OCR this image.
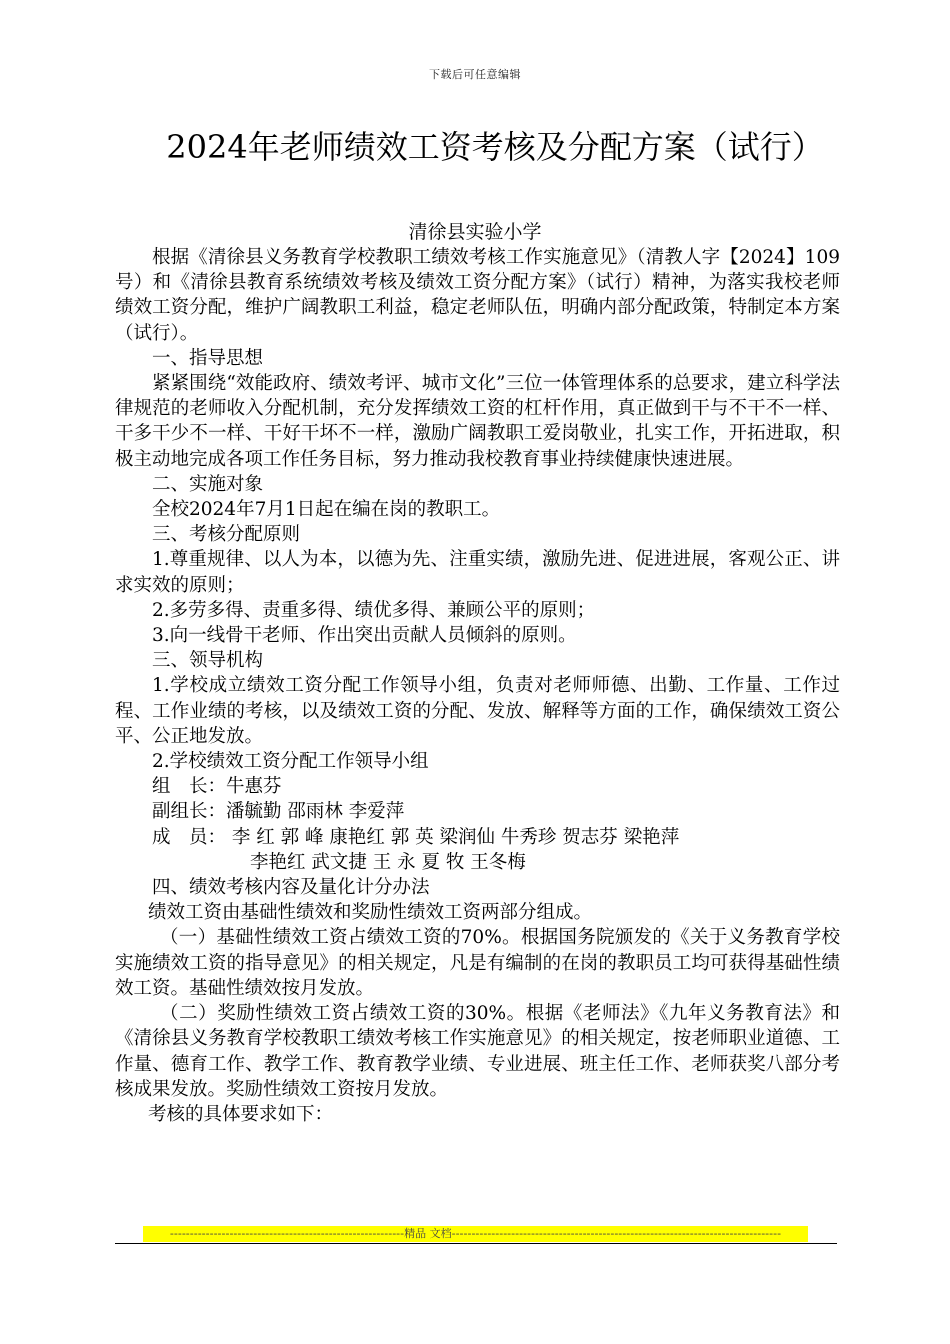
下载后可任意编辑
2024年老师绩效工资考核及分配方案（试行）
清徐县实验小学

根据《清徐县义务教育学校教职工绩效考核工作实施意见》（清教人字【2024】109号）和《清徐县教育系统绩效考核及绩效工资分配方案》（试行）精神，为落实我校老师绩效工资分配，维护广阔教职工利益，稳定老师队伍，明确内部分配政策，特制定本方案（试行）。

一、指导思想

紧紧围绕“效能政府、绩效考评、城市文化”三位一体管理体系的总要求，建立科学法律规范的老师收入分配机制，充分发挥绩效工资的杠杆作用，真正做到干与不干不一样、干多干少不一样、干好干坏不一样，激励广阔教职工爱岗敬业，扎实工作，开拓进取，积极主动地完成各项工作任务目标，努力推动我校教育事业持续健康快速进展。

二、实施对象

全校2024年7月1日起在编在岗的教职工。

三、考核分配原则

1.尊重规律、以人为本，以德为先、注重实绩，激励先进、促进进展，客观公正、讲求实效的原则；

2.多劳多得、责重多得、绩优多得、兼顾公平的原则；

3.向一线骨干老师、作出突出贡献人员倾斜的原则。

三、领导机构

1.学校成立绩效工资分配工作领导小组，负责对老师师德、出勤、工作量、工作过程、工作业绩的考核，以及绩效工资的分配、发放、解释等方面的工作，确保绩效工资公平、公正地发放。

2.学校绩效工资分配工作领导小组

组　长：牛惠芬

副组长：潘毓勤 邵雨林 李爱萍

成　员： 李 红 郭 峰 康艳红 郭 英 梁润仙 牛秀珍 贺志芬 梁艳萍

李艳红 武文捷 王 永 夏 牧 王冬梅

四、绩效考核内容及量化计分办法

绩效工资由基础性绩效和奖励性绩效工资两部分组成。

（一）基础性绩效工资占绩效工资的70%。根据国务院颁发的《关于义务教育学校实施绩效工资的指导意见》的相关规定，凡是有编制的在岗的教职员工均可获得基础性绩效工资。基础性绩效按月发放。

（二）奖励性绩效工资占绩效工资的30%。根据《老师法》《九年义务教育法》和《清徐县义务教育学校教职工绩效考核工作实施意见》的相关规定，按老师职业道德、工作量、德育工作、教学工作、教育教学业绩、专业进展、班主任工作、老师获奖八部分考核成果发放。奖励性绩效工资按月发放。

考核的具体要求如下：

-----------------------------------------------------------精品 文档-----------------------------------------------------------------------------------
